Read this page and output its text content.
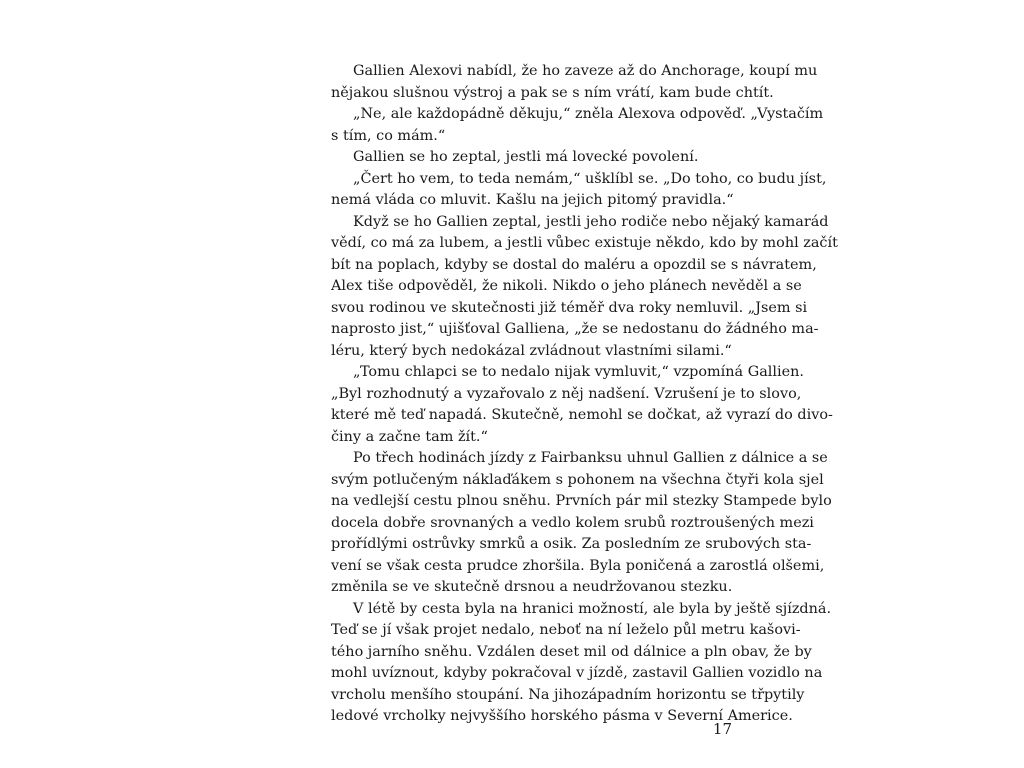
Gallien Alexovi nabídl, že ho zaveze až do Anchorage, koupí mu
nějakou slušnou výstroj a pak se s ním vrátí, kam bude chtít.
„Ne, ale každopádně děkuju,“ zněla Alexova odpověď. „Vystačím
s tím, co mám.“
Gallien se ho zeptal, jestli má lovecké povolení.
„Čert ho vem, to teda nemám,“ ušklíbl se. „Do toho, co budu jíst,
nemá vláda co mluvit. Kašlu na jejich pitomý pravidla.“
Když se ho Gallien zeptal, jestli jeho rodiče nebo nějaký kamarád
vědí, co má za lubem, a jestli vůbec existuje někdo, kdo by mohl začít
bít na poplach, kdyby se dostal do maléru a opozdil se s návratem,
Alex tiše odpověděl, že nikoli. Nikdo o jeho plánech nevěděl a se
svou rodinou ve skutečnosti již téměř dva roky nemluvil. „Jsem si
naprosto jist,“ ujišťoval Galliena, „že se nedostanu do žádného ma-
léru, který bych nedokázal zvládnout vlastními silami.“
„Tomu chlapci se to nedalo nijak vymluvit,“ vzpomíná Gallien.
„Byl rozhodnutý a vyzařovalo z něj nadšení. Vzrušení je to slovo,
které mě teď napadá. Skutečně, nemohl se dočkat, až vyrazí do divo-
činy a začne tam žít.“
Po třech hodinách jízdy z Fairbanksu uhnul Gallien z dálnice a se
svým potlučeným náklaďákem s pohonem na všechna čtyři kola sjel
na vedlejší cestu plnou sněhu. Prvních pár mil stezky Stampede bylo
docela dobře srovnaných a vedlo kolem srubů roztroušených mezi
prořídlými ostrůvky smrků a osik. Za posledním ze srubových sta-
vení se však cesta prudce zhoršila. Byla poničená a zarostlá olšemi,
změnila se ve skutečně drsnou a neudržovanou stezku.
V létě by cesta byla na hranici možností, ale byla by ještě sjízdná.
Teď se jí však projet nedalo, neboť na ní leželo půl metru kašovi-
tého jarního sněhu. Vzdálen deset mil od dálnice a pln obav, že by
mohl uvíznout, kdyby pokračoval v jízdě, zastavil Gallien vozidlo na
vrcholu menšího stoupání. Na jihozápadním horizontu se třpytily
ledové vrcholky nejvyššího horského pásma v Severní Americe.
17
